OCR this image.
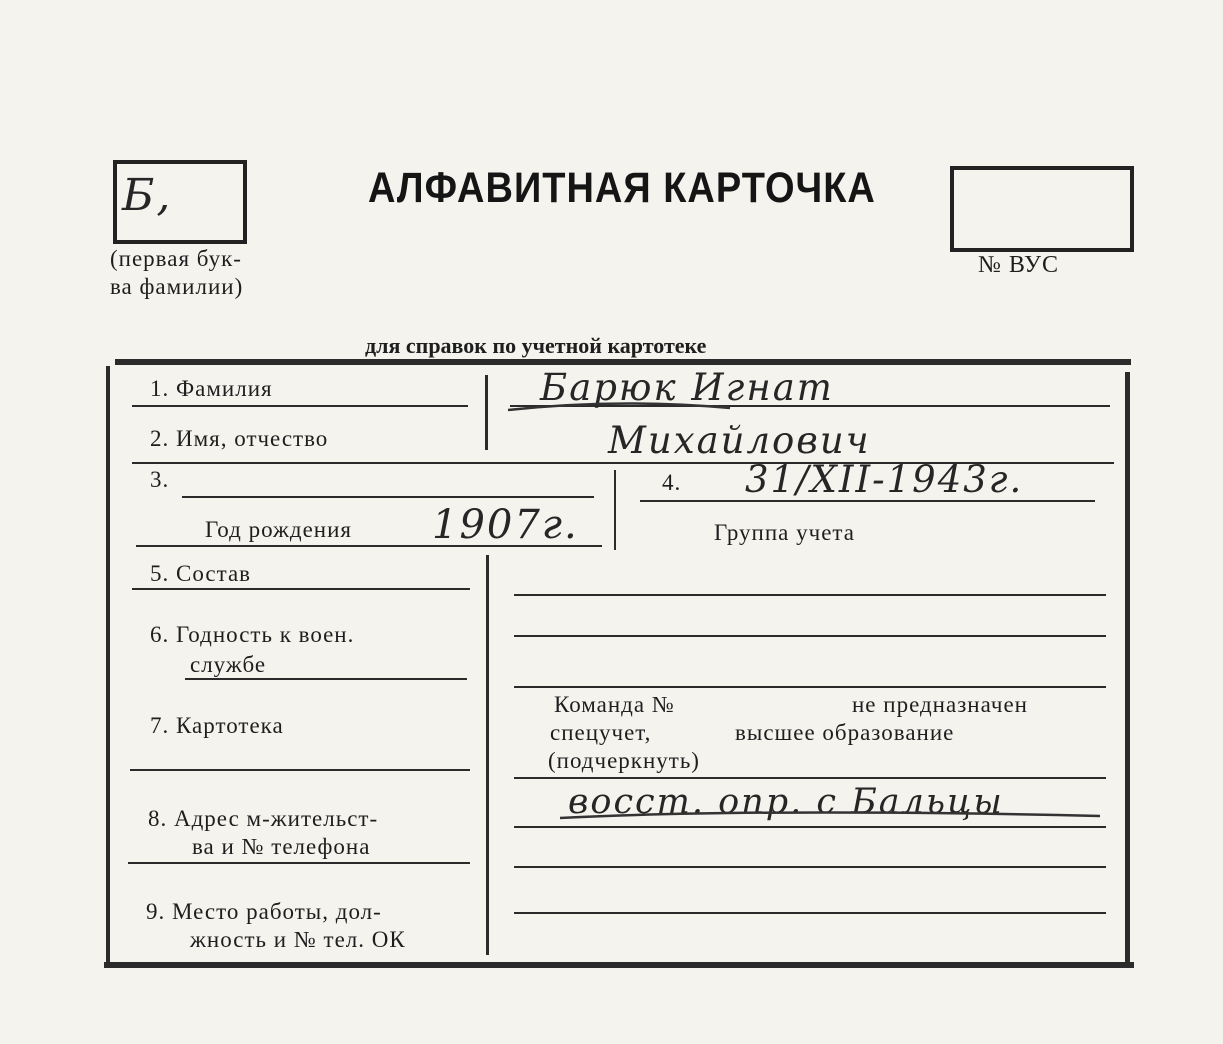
Б,
(первая бук-
ва фамилии)
АЛФАВИТНАЯ КАРТОЧКА
№ ВУС
для справок по учетной картотеке
1. Фамилия
2. Имя, отчество
3.
Год рождения
4.
Группа учета
5. Состав
6. Годность к воен.
службе
7. Картотека
8. Адрес м-жительст-
ва и № телефона
9. Место работы, дол-
жность и № тел. ОК
Команда №	не предназначен
спецучет,	высшее образование
(подчеркнуть)
Барюк Игнат
Михайлович
1907г.
31/XII-1943г.
восст. опр. с Бальцы
